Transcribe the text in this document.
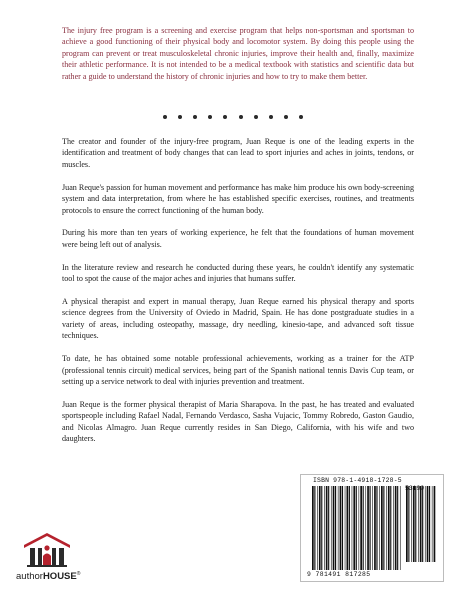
The injury free program is a screening and exercise program that helps non-sportsman and sportsman to achieve a good functioning of their physical body and locomotor system. By doing this people using the program can prevent or treat musculoskeletal chronic injuries, improve their health and, finally, maximize their athletic performance. It is not intended to be a medical textbook with statistics and scientific data but rather a guide to understand the history of chronic injuries and how to try to make them better.

The creator and founder of the injury-free program, Juan Reque is one of the leading experts in the identification and treatment of body changes that can lead to sport injuries and aches in joints, tendons, or muscles.

Juan Reque's passion for human movement and performance has make him produce his own body-screening system and data interpretation, from where he has established specific exercises, routines, and treatments protocols to ensure the correct functioning of the human body.

During his more than ten years of working experience, he felt that the foundations of human movement were being left out of analysis.

In the literature review and research he conducted during these years, he couldn't identify any systematic tool to spot the cause of the major aches and injuries that humans suffer.

A physical therapist and expert in manual therapy, Juan Reque earned his physical therapy and sports science degrees from the University of Oviedo in Madrid, Spain. He has done postgraduate studies in a variety of areas, including osteopathy, massage, dry needling, kinesio-tape, and advanced soft tissue techniques.

To date, he has obtained some notable professional achievements, working as a trainer for the ATP (professional tennis circuit) medical services, being part of the Spanish national tennis Davis Cup team, or setting up a service network to deal with injuries prevention and treatment.

Juan Reque is the former physical therapist of Maria Sharapova. In the past, he has treated and evaluated sportspeople including Rafael Nadal, Fernando Verdasco, Sasha Vujacic, Tommy Robredo, Gaston Gaudio, and Nicolas Almagro. Juan Reque currently resides in San Diego, California, with his wife and two daughters.

ISBN 978-1-4918-1728-5
9 781491 817285
authorHOUSE®
